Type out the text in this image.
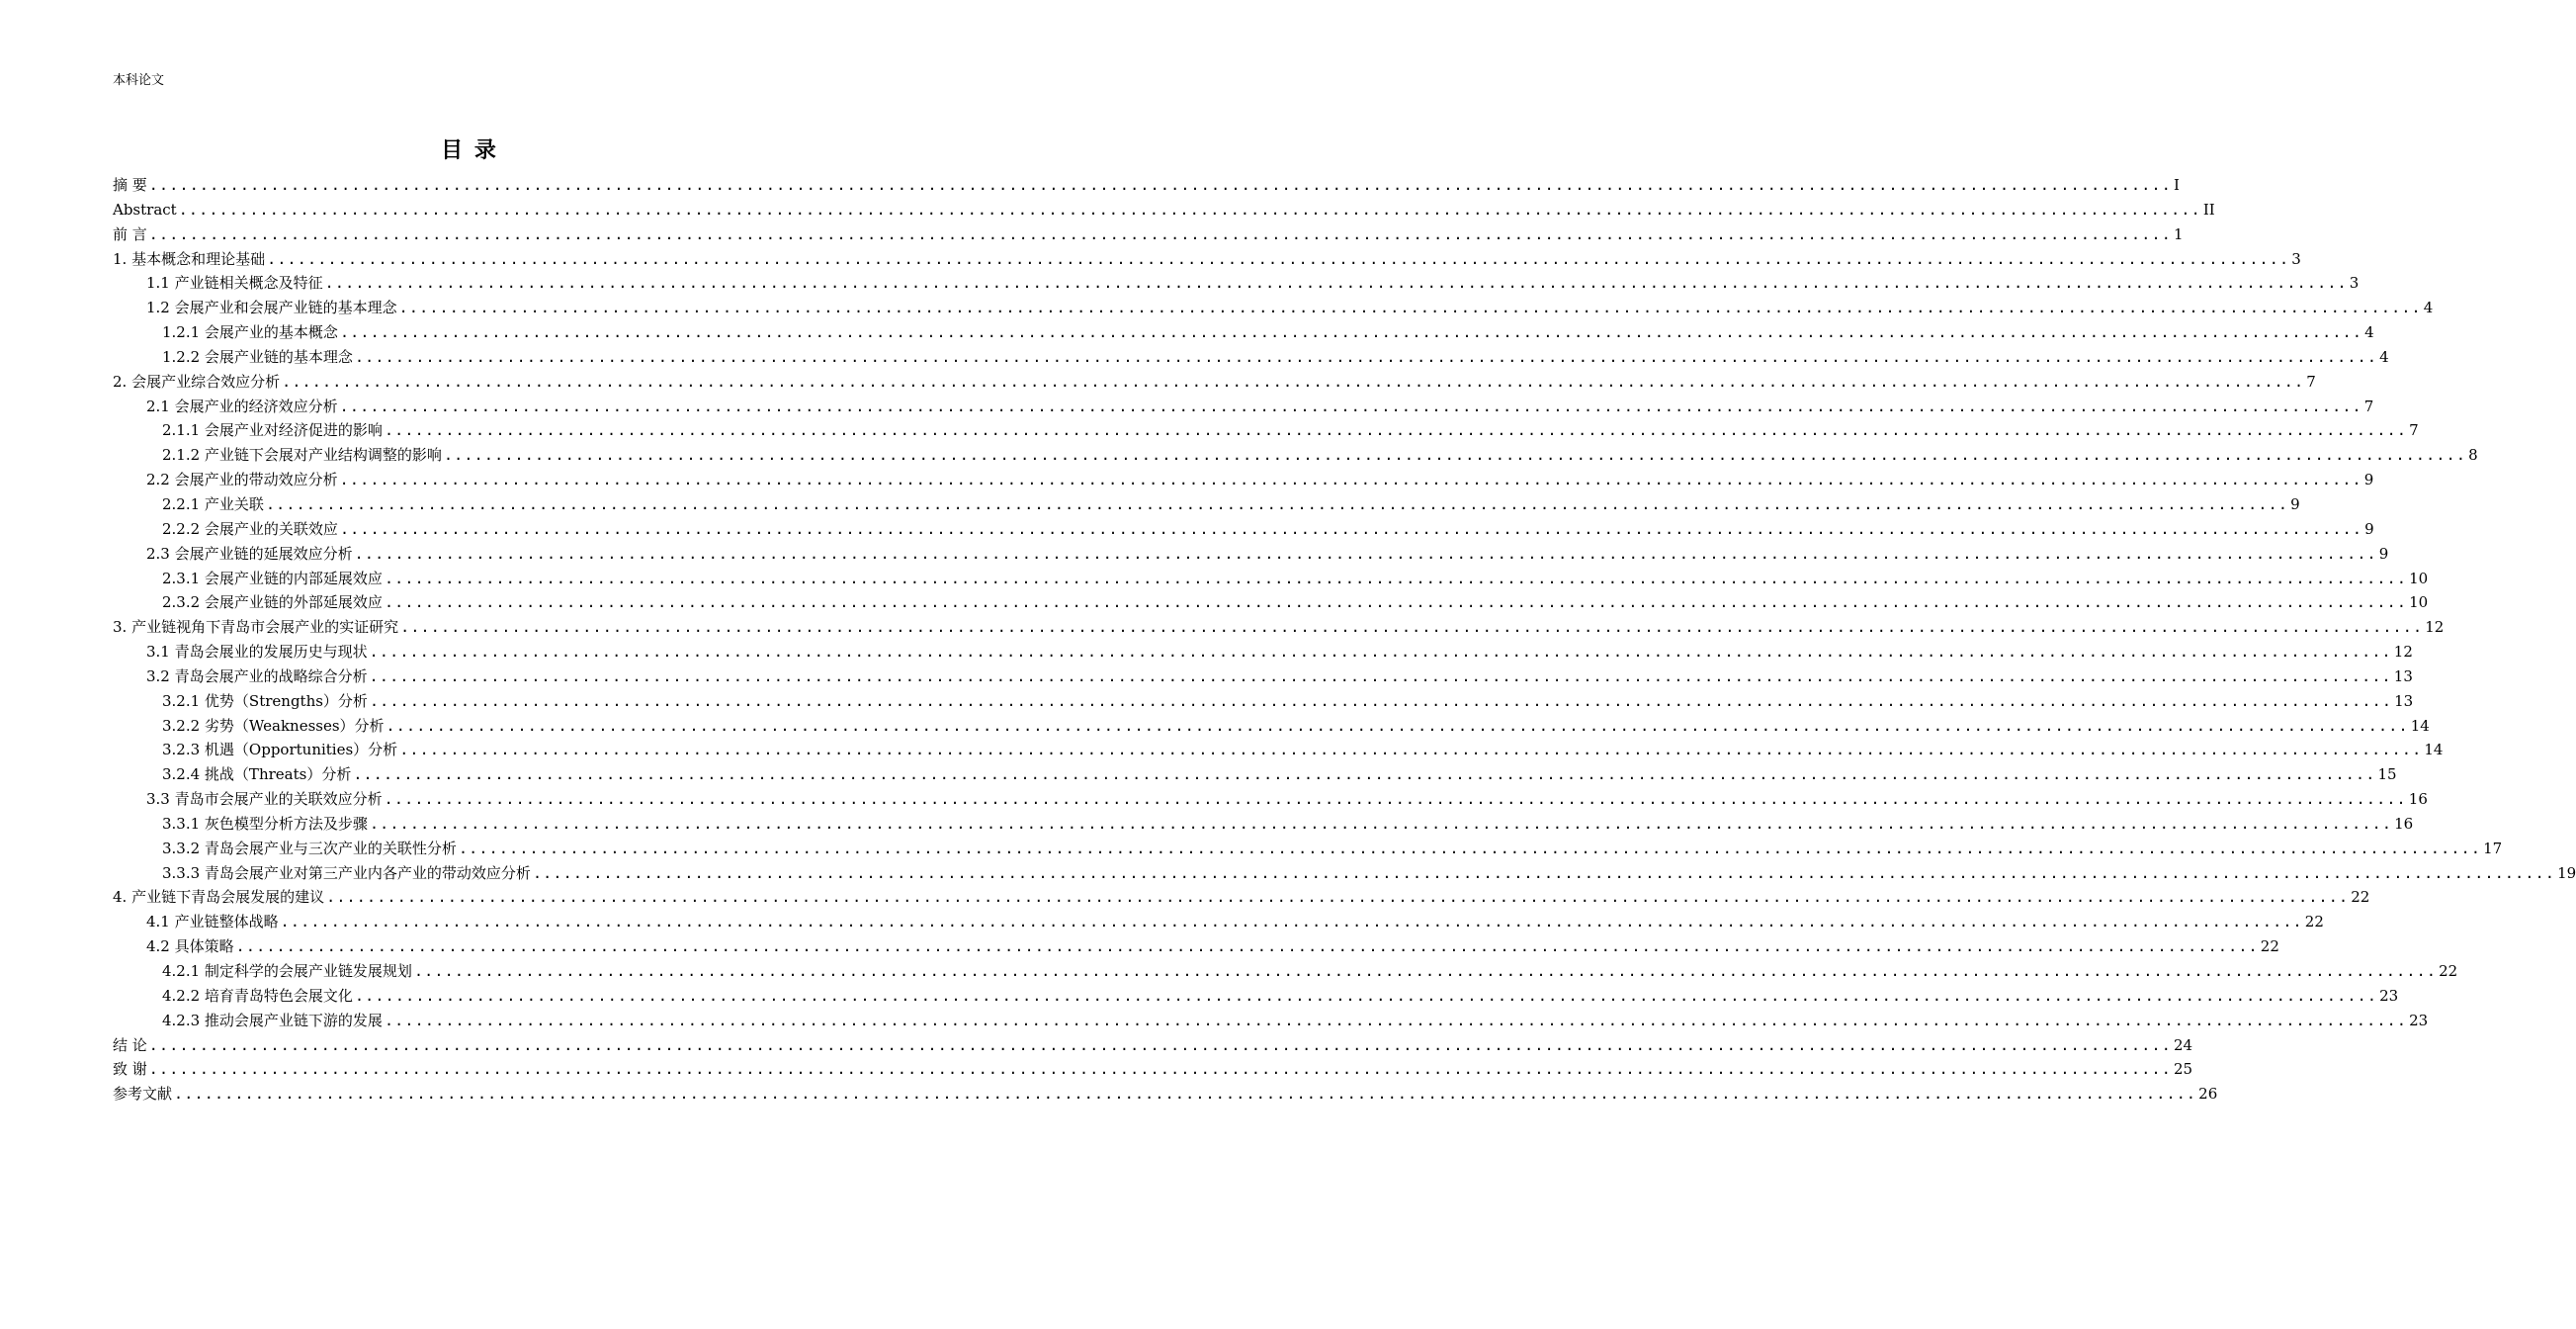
本科论文
目 录
摘 要 ........................................................................................................................................................................................................ I
Abstract ........................................................................................................................................................................................................ II
前 言 ........................................................................................................................................................................................................ 1
1. 基本概念和理论基础 ........................................................................................................................................................................................................ 3
1.1 产业链相关概念及特征 ........................................................................................................................................................................................................ 3
1.2 会展产业和会展产业链的基本理念 ........................................................................................................................................................................................................ 4
1.2.1 会展产业的基本概念 ........................................................................................................................................................................................................ 4
1.2.2 会展产业链的基本理念 ........................................................................................................................................................................................................ 4
2. 会展产业综合效应分析 ........................................................................................................................................................................................................ 7
2.1 会展产业的经济效应分析 ........................................................................................................................................................................................................ 7
2.1.1 会展产业对经济促进的影响 ........................................................................................................................................................................................................ 7
2.1.2 产业链下会展对产业结构调整的影响 ........................................................................................................................................................................................................ 8
2.2 会展产业的带动效应分析 ........................................................................................................................................................................................................ 9
2.2.1 产业关联 ........................................................................................................................................................................................................ 9
2.2.2 会展产业的关联效应 ........................................................................................................................................................................................................ 9
2.3 会展产业链的延展效应分析 ........................................................................................................................................................................................................ 9
2.3.1 会展产业链的内部延展效应 ........................................................................................................................................................................................................ 10
2.3.2 会展产业链的外部延展效应 ........................................................................................................................................................................................................ 10
3. 产业链视角下青岛市会展产业的实证研究 ........................................................................................................................................................................................................ 12
3.1 青岛会展业的发展历史与现状 ........................................................................................................................................................................................................ 12
3.2 青岛会展产业的战略综合分析 ........................................................................................................................................................................................................ 13
3.2.1 优势（Strengths）分析 ........................................................................................................................................................................................................ 13
3.2.2 劣势（Weaknesses）分析 ........................................................................................................................................................................................................ 14
3.2.3 机遇（Opportunities）分析 ........................................................................................................................................................................................................ 14
3.2.4 挑战（Threats）分析 ........................................................................................................................................................................................................ 15
3.3 青岛市会展产业的关联效应分析 ........................................................................................................................................................................................................ 16
3.3.1 灰色模型分析方法及步骤 ........................................................................................................................................................................................................ 16
3.3.2 青岛会展产业与三次产业的关联性分析 ........................................................................................................................................................................................................ 17
3.3.3 青岛会展产业对第三产业内各产业的带动效应分析 ........................................................................................................................................................................................................ 19
4. 产业链下青岛会展发展的建议 ........................................................................................................................................................................................................ 22
4.1 产业链整体战略 ........................................................................................................................................................................................................ 22
4.2 具体策略 ........................................................................................................................................................................................................ 22
4.2.1 制定科学的会展产业链发展规划 ........................................................................................................................................................................................................ 22
4.2.2 培育青岛特色会展文化 ........................................................................................................................................................................................................ 23
4.2.3 推动会展产业链下游的发展 ........................................................................................................................................................................................................ 23
结 论 ........................................................................................................................................................................................................ 24
致 谢 ........................................................................................................................................................................................................ 25
参考文献 ........................................................................................................................................................................................................ 26
